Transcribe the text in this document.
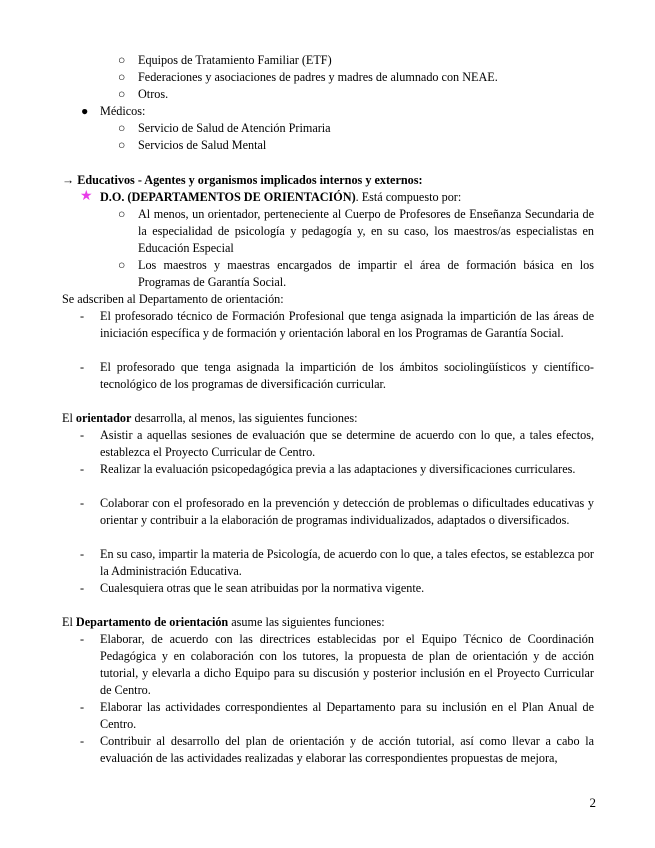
○ Equipos de Tratamiento Familiar (ETF)
○ Federaciones y asociaciones de padres y madres de alumnado con NEAE.
○ Otros.
● Médicos:
○ Servicio de Salud de Atención Primaria
○ Servicios de Salud Mental
→ Educativos - Agentes y organismos implicados internos y externos:
★ D.O. (DEPARTAMENTOS DE ORIENTACIÓN). Está compuesto por:
○ Al menos, un orientador, perteneciente al Cuerpo de Profesores de Enseñanza Secundaria de la especialidad de psicología y pedagogía y, en su caso, los maestros/as especialistas en Educación Especial
○ Los maestros y maestras encargados de impartir el área de formación básica en los Programas de Garantía Social.
Se adscriben al Departamento de orientación:
- El profesorado técnico de Formación Profesional que tenga asignada la impartición de las áreas de iniciación específica y de formación y orientación laboral en los Programas de Garantía Social.
- El profesorado que tenga asignada la impartición de los ámbitos sociolingüísticos y científico-tecnológico de los programas de diversificación curricular.
El orientador desarrolla, al menos, las siguientes funciones:
- Asistir a aquellas sesiones de evaluación que se determine de acuerdo con lo que, a tales efectos, establezca el Proyecto Curricular de Centro.
- Realizar la evaluación psicopedagógica previa a las adaptaciones y diversificaciones curriculares.
- Colaborar con el profesorado en la prevención y detección de problemas o dificultades educativas y orientar y contribuir a la elaboración de programas individualizados, adaptados o diversificados.
- En su caso, impartir la materia de Psicología, de acuerdo con lo que, a tales efectos, se establezca por la Administración Educativa.
- Cualesquiera otras que le sean atribuidas por la normativa vigente.
El Departamento de orientación asume las siguientes funciones:
- Elaborar, de acuerdo con las directrices establecidas por el Equipo Técnico de Coordinación Pedagógica y en colaboración con los tutores, la propuesta de plan de orientación y de acción tutorial, y elevarla a dicho Equipo para su discusión y posterior inclusión en el Proyecto Curricular de Centro.
- Elaborar las actividades correspondientes al Departamento para su inclusión en el Plan Anual de Centro.
- Contribuir al desarrollo del plan de orientación y de acción tutorial, así como llevar a cabo la evaluación de las actividades realizadas y elaborar las correspondientes propuestas de mejora,
2
